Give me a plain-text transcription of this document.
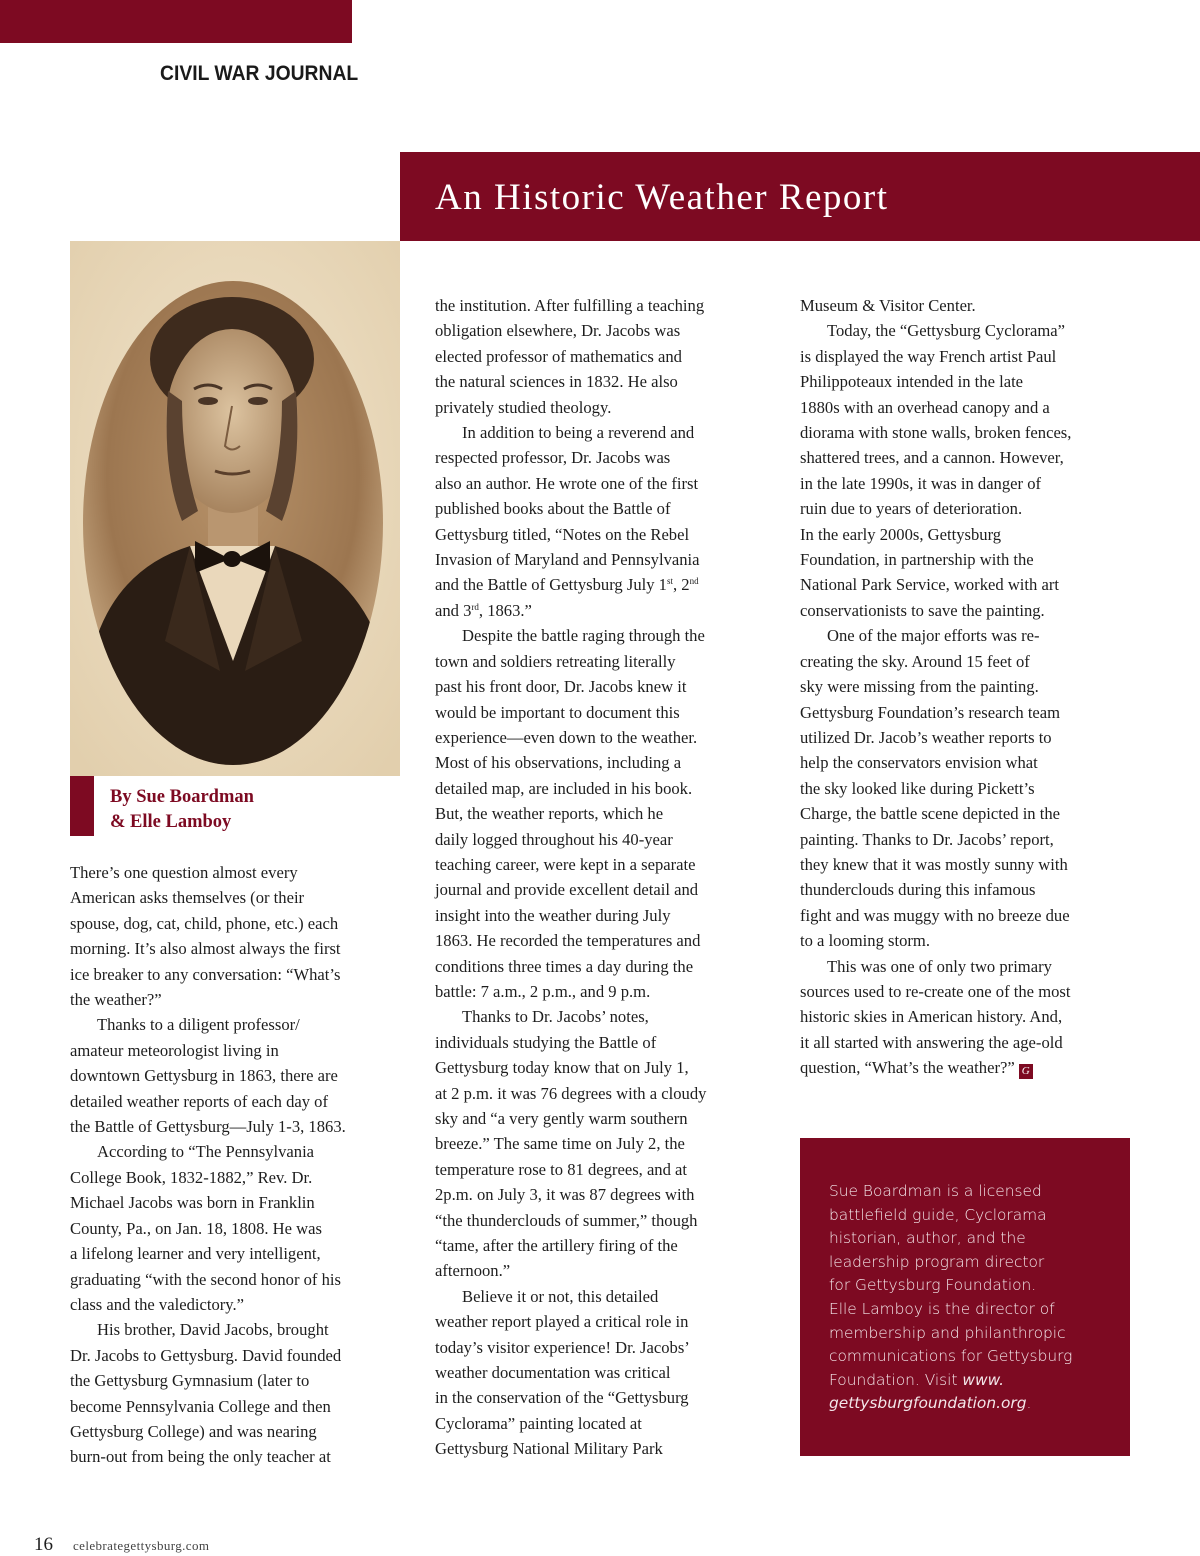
CIVIL WAR JOURNAL
An Historic Weather Report
By Sue Boardman
& Elle Lamboy

There’s one question almost every
American asks themselves (or their
spouse, dog, cat, child, phone, etc.) each
morning. It’s also almost always the first
ice breaker to any conversation: “What’s
the weather?”

Thanks to a diligent professor/
amateur meteorologist living in
downtown Gettysburg in 1863, there are
detailed weather reports of each day of
the Battle of Gettysburg—July 1-3, 1863.

According to “The Pennsylvania
College Book, 1832-1882,” Rev. Dr.
Michael Jacobs was born in Franklin
County, Pa., on Jan. 18, 1808. He was
a lifelong learner and very intelligent,
graduating “with the second honor of his
class and the valedictory.”

His brother, David Jacobs, brought
Dr. Jacobs to Gettysburg. David founded
the Gettysburg Gymnasium (later to
become Pennsylvania College and then
Gettysburg College) and was nearing
burn-out from being the only teacher at

the institution. After fulfilling a teaching
obligation elsewhere, Dr. Jacobs was
elected professor of mathematics and
the natural sciences in 1832. He also
privately studied theology.

In addition to being a reverend and
respected professor, Dr. Jacobs was
also an author. He wrote one of the first
published books about the Battle of
Gettysburg titled, “Notes on the Rebel
Invasion of Maryland and Pennsylvania
and the Battle of Gettysburg July 1st, 2nd
and 3rd, 1863.”

Despite the battle raging through the
town and soldiers retreating literally
past his front door, Dr. Jacobs knew it
would be important to document this
experience—even down to the weather.
Most of his observations, including a
detailed map, are included in his book.
But, the weather reports, which he
daily logged throughout his 40-year
teaching career, were kept in a separate
journal and provide excellent detail and
insight into the weather during July
1863. He recorded the temperatures and
conditions three times a day during the
battle: 7 a.m., 2 p.m., and 9 p.m.

Thanks to Dr. Jacobs’ notes,
individuals studying the Battle of
Gettysburg today know that on July 1,
at 2 p.m. it was 76 degrees with a cloudy
sky and “a very gently warm southern
breeze.” The same time on July 2, the
temperature rose to 81 degrees, and at
2p.m. on July 3, it was 87 degrees with
“the thunderclouds of summer,” though
“tame, after the artillery firing of the
afternoon.”

Believe it or not, this detailed
weather report played a critical role in
today’s visitor experience! Dr. Jacobs’
weather documentation was critical
in the conservation of the “Gettysburg
Cyclorama” painting located at
Gettysburg National Military Park

Museum & Visitor Center.

Today, the “Gettysburg Cyclorama”
is displayed the way French artist Paul
Philippoteaux intended in the late
1880s with an overhead canopy and a
diorama with stone walls, broken fences,
shattered trees, and a cannon. However,
in the late 1990s, it was in danger of
ruin due to years of deterioration.
In the early 2000s, Gettysburg
Foundation, in partnership with the
National Park Service, worked with art
conservationists to save the painting.

One of the major efforts was re-
creating the sky. Around 15 feet of
sky were missing from the painting.
Gettysburg Foundation’s research team
utilized Dr. Jacob’s weather reports to
help the conservators envision what
the sky looked like during Pickett’s
Charge, the battle scene depicted in the
painting. Thanks to Dr. Jacobs’ report,
they knew that it was mostly sunny with
thunderclouds during this infamous
fight and was muggy with no breeze due
to a looming storm.

This was one of only two primary
sources used to re-create one of the most
historic skies in American history. And,
it all started with answering the age-old
question, “What’s the weather?” G

Sue Boardman is a licensed
battlefield guide, Cyclorama
historian, author, and the
leadership program director
for Gettysburg Foundation.
Elle Lamboy is the director of
membership and philanthropic
communications for Gettysburg
Foundation. Visit www.
gettysburgfoundation.org.
16 celebrategettysburg.com
